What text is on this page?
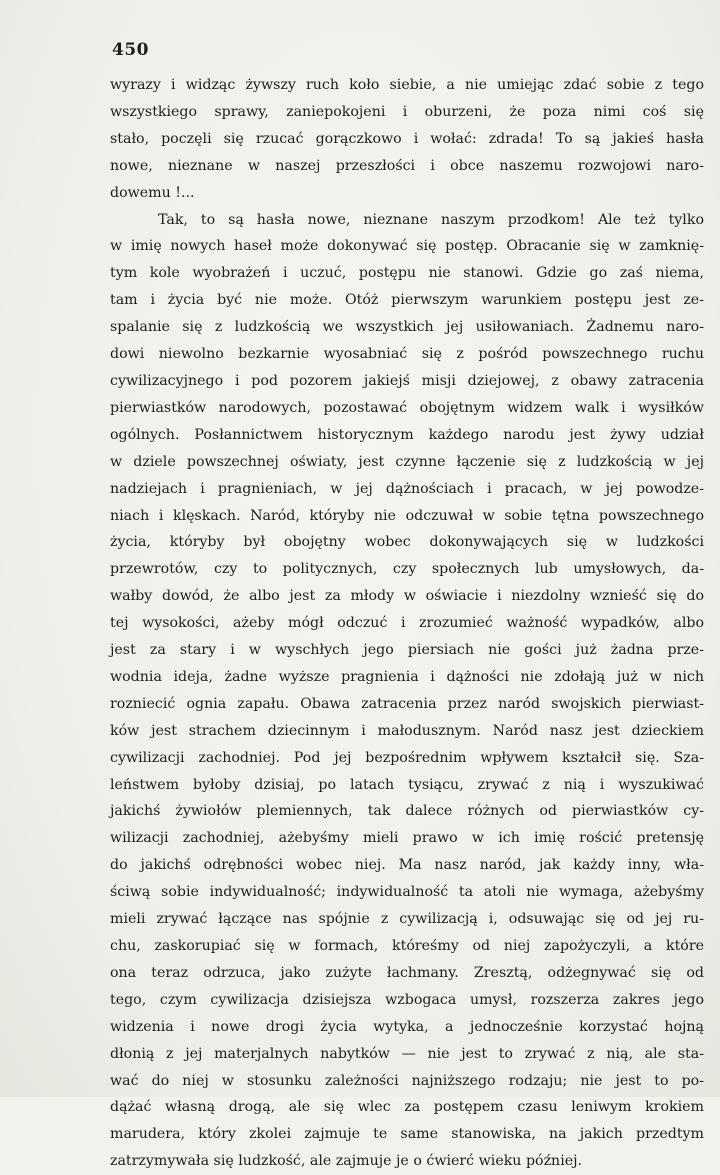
450
wyrazy i widząc żywszy ruch koło siebie, a nie umiejąc zdać sobie z tego
wszystkiego sprawy, zaniepokojeni i oburzeni, że poza nimi coś się
stało, poczęli się rzucać gorączkowo i wołać: zdrada! To są jakieś hasła
nowe, nieznane w naszej przeszłości i obce naszemu rozwojowi naro-
dowemu !...
Tak, to są hasła nowe, nieznane naszym przodkom! Ale też tylko
w imię nowych haseł może dokonywać się postęp. Obracanie się w zamknię-
tym kole wyobrażeń i uczuć, postępu nie stanowi. Gdzie go zaś niema,
tam i życia być nie może. Otóż pierwszym warunkiem postępu jest ze-
spalanie się z ludzkością we wszystkich jej usiłowaniach. Żadnemu naro-
dowi niewolno bezkarnie wyosabniać się z pośród powszechnego ruchu
cywilizacyjnego i pod pozorem jakiejś misji dziejowej, z obawy zatracenia
pierwiastków narodowych, pozostawać obojętnym widzem walk i wysiłków
ogólnych. Posłannictwem historycznym każdego narodu jest żywy udział
w dziele powszechnej oświaty, jest czynne łączenie się z ludzkością w jej
nadziejach i pragnieniach, w jej dążnościach i pracach, w jej powodze-
niach i klęskach. Naród, któryby nie odczuwał w sobie tętna powszechnego
życia, któryby był obojętny wobec dokonywających się w ludzkości
przewrotów, czy to politycznych, czy społecznych lub umysłowych, da-
wałby dowód, że albo jest za młody w oświacie i niezdolny wznieść się do
tej wysokości, ażeby mógł odczuć i zrozumieć ważność wypadków, albo
jest za stary i w wyschłych jego piersiach nie gości już żadna prze-
wodnia ideja, żadne wyższe pragnienia i dążności nie zdołają już w nich
rozniecić ognia zapału. Obawa zatracenia przez naród swojskich pierwiast-
ków jest strachem dziecinnym i małodusznym. Naród nasz jest dzieckiem
cywilizacji zachodniej. Pod jej bezpośrednim wpływem kształcił się. Sza-
leństwem byłoby dzisiaj, po latach tysiącu, zrywać z nią i wyszukiwać
jakichś żywiołów plemiennych, tak dalece różnych od pierwiastków cy-
wilizacji zachodniej, ażebyśmy mieli prawo w ich imię rościć pretensję
do jakichś odrębności wobec niej. Ma nasz naród, jak każdy inny, wła-
ściwą sobie indywidualność; indywidualność ta atoli nie wymaga, ażebyśmy
mieli zrywać łączące nas spójnie z cywilizacją i, odsuwając się od jej ru-
chu, zaskorupiać się w formach, któreśmy od niej zapożyczyli, a które
ona teraz odrzuca, jako zużyte łachmany. Zresztą, odżegnywać się od
tego, czym cywilizacja dzisiejsza wzbogaca umysł, rozszerza zakres jego
widzenia i nowe drogi życia wytyka, a jednocześnie korzystać hojną
dłonią z jej materjalnych nabytków — nie jest to zrywać z nią, ale sta-
wać do niej w stosunku zależności najniższego rodzaju; nie jest to po-
dążać własną drogą, ale się wlec za postępem czasu leniwym krokiem
marudera, który zkolei zajmuje te same stanowiska, na jakich przedtym
zatrzymywała się ludzkość, ale zajmuje je o ćwierć wieku później.
